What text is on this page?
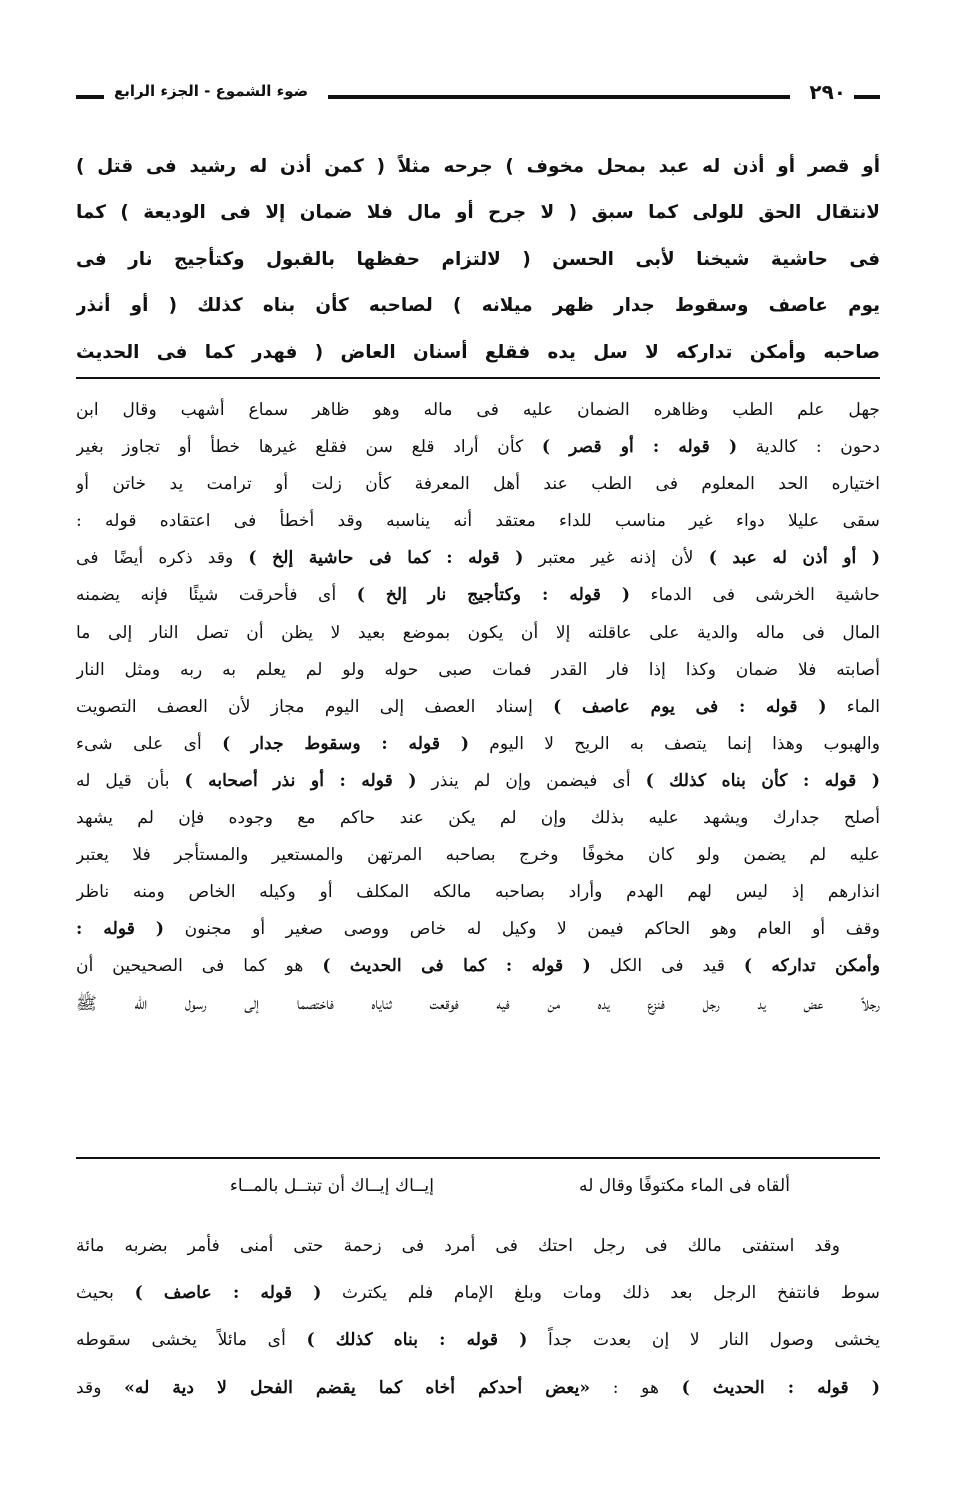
٢٩٠
ضوء الشموع - الجزء الرابع
أو قصر أو أذن له عبد بمحل مخوف ) جرحه مثلاً ( كمن أذن له رشيد فى قتل )
لانتقال الحق للولى كما سبق ( لا جرح أو مال فلا ضمان إلا فى الوديعة ) كما
فى حاشية شيخنا لأبى الحسن ( لالتزام حفظها بالقبول وكتأجيج نار فى
يوم عاصف وسقوط جدار ظهر ميلانه ) لصاحبه كأن بناه كذلك ( أو أنذر
صاحبه وأمكن تداركه لا سل يده فقلع أسنان العاض ( فهدر كما فى الحديث
جهل علم الطب وظاهره الضمان عليه فى ماله وهو ظاهر سماع أشهب وقال ابن
دحون : كالدية ( قوله : أو قصر ) كأن أراد قلع سن فقلع غيرها خطأ أو تجاوز بغير
اختياره الحد المعلوم فى الطب عند أهل المعرفة كأن زلت أو ترامت يد خاتن أو
سقى عليلا دواء غير مناسب للداء معتقد أنه يناسبه وقد أخطأ فى اعتقاده قوله :
( أو أذن له عبد ) لأن إذنه غير معتبر ( قوله : كما فى حاشية إلخ ) وقد ذكره أيضًا فى
حاشية الخرشى فى الدماء ( قوله : وكتأجيج نار إلخ ) أى فأحرقت شيئًا فإنه يضمنه
المال فى ماله والدية على عاقلته إلا أن يكون بموضع بعيد لا يظن أن تصل النار إلى ما
أصابته فلا ضمان وكذا إذا فار القدر فمات صبى حوله ولو لم يعلم به ربه ومثل النار
الماء ( قوله : فى يوم عاصف ) إسناد العصف إلى اليوم مجاز لأن العصف التصويت
والهبوب وهذا إنما يتصف به الريح لا اليوم ( قوله : وسقوط جدار ) أى على شىء
( قوله : كأن بناه كذلك ) أى فيضمن وإن لم ينذر ( قوله : أو نذر أصحابه ) بأن قيل له
أصلح جدارك ويشهد عليه بذلك وإن لم يكن عند حاكم مع وجوده فإن لم يشهد
عليه لم يضمن ولو كان مخوفًا وخرج بصاحبه المرتهن والمستعير والمستأجر فلا يعتبر
انذارهم إذ ليس لهم الهدم وأراد بصاحبه مالكه المكلف أو وكيله الخاص ومنه ناظر
وقف أو العام وهو الحاكم فيمن لا وكيل له خاص ووصى صغير أو مجنون ( قوله :
وأمكن تداركه ) قيد فى الكل ( قوله : كما فى الحديث ) هو كما فى الصحيحين أن
رجلاً عض يد رجل فنزع يده من فيه فوقعت ثناياه فاختصما إلى رسول الله ﷺ
ألقاه فى الماء مكتوفًا وقال له
إيــاك إيــاك أن تبتــل بالمــاء
وقد استفتى مالك فى رجل احتك فى أمرد فى زحمة حتى أمنى فأمر بضربه مائة
سوط فانتفخ الرجل بعد ذلك ومات وبلغ الإمام فلم يكترث ( قوله : عاصف ) بحيث
يخشى وصول النار لا إن بعدت جداً ( قوله : بناه كذلك ) أى مائلاً يخشى سقوطه
( قوله : الحديث ) هو : «يعض أحدكم أخاه كما يقضم الفحل لا دية له» وقد
